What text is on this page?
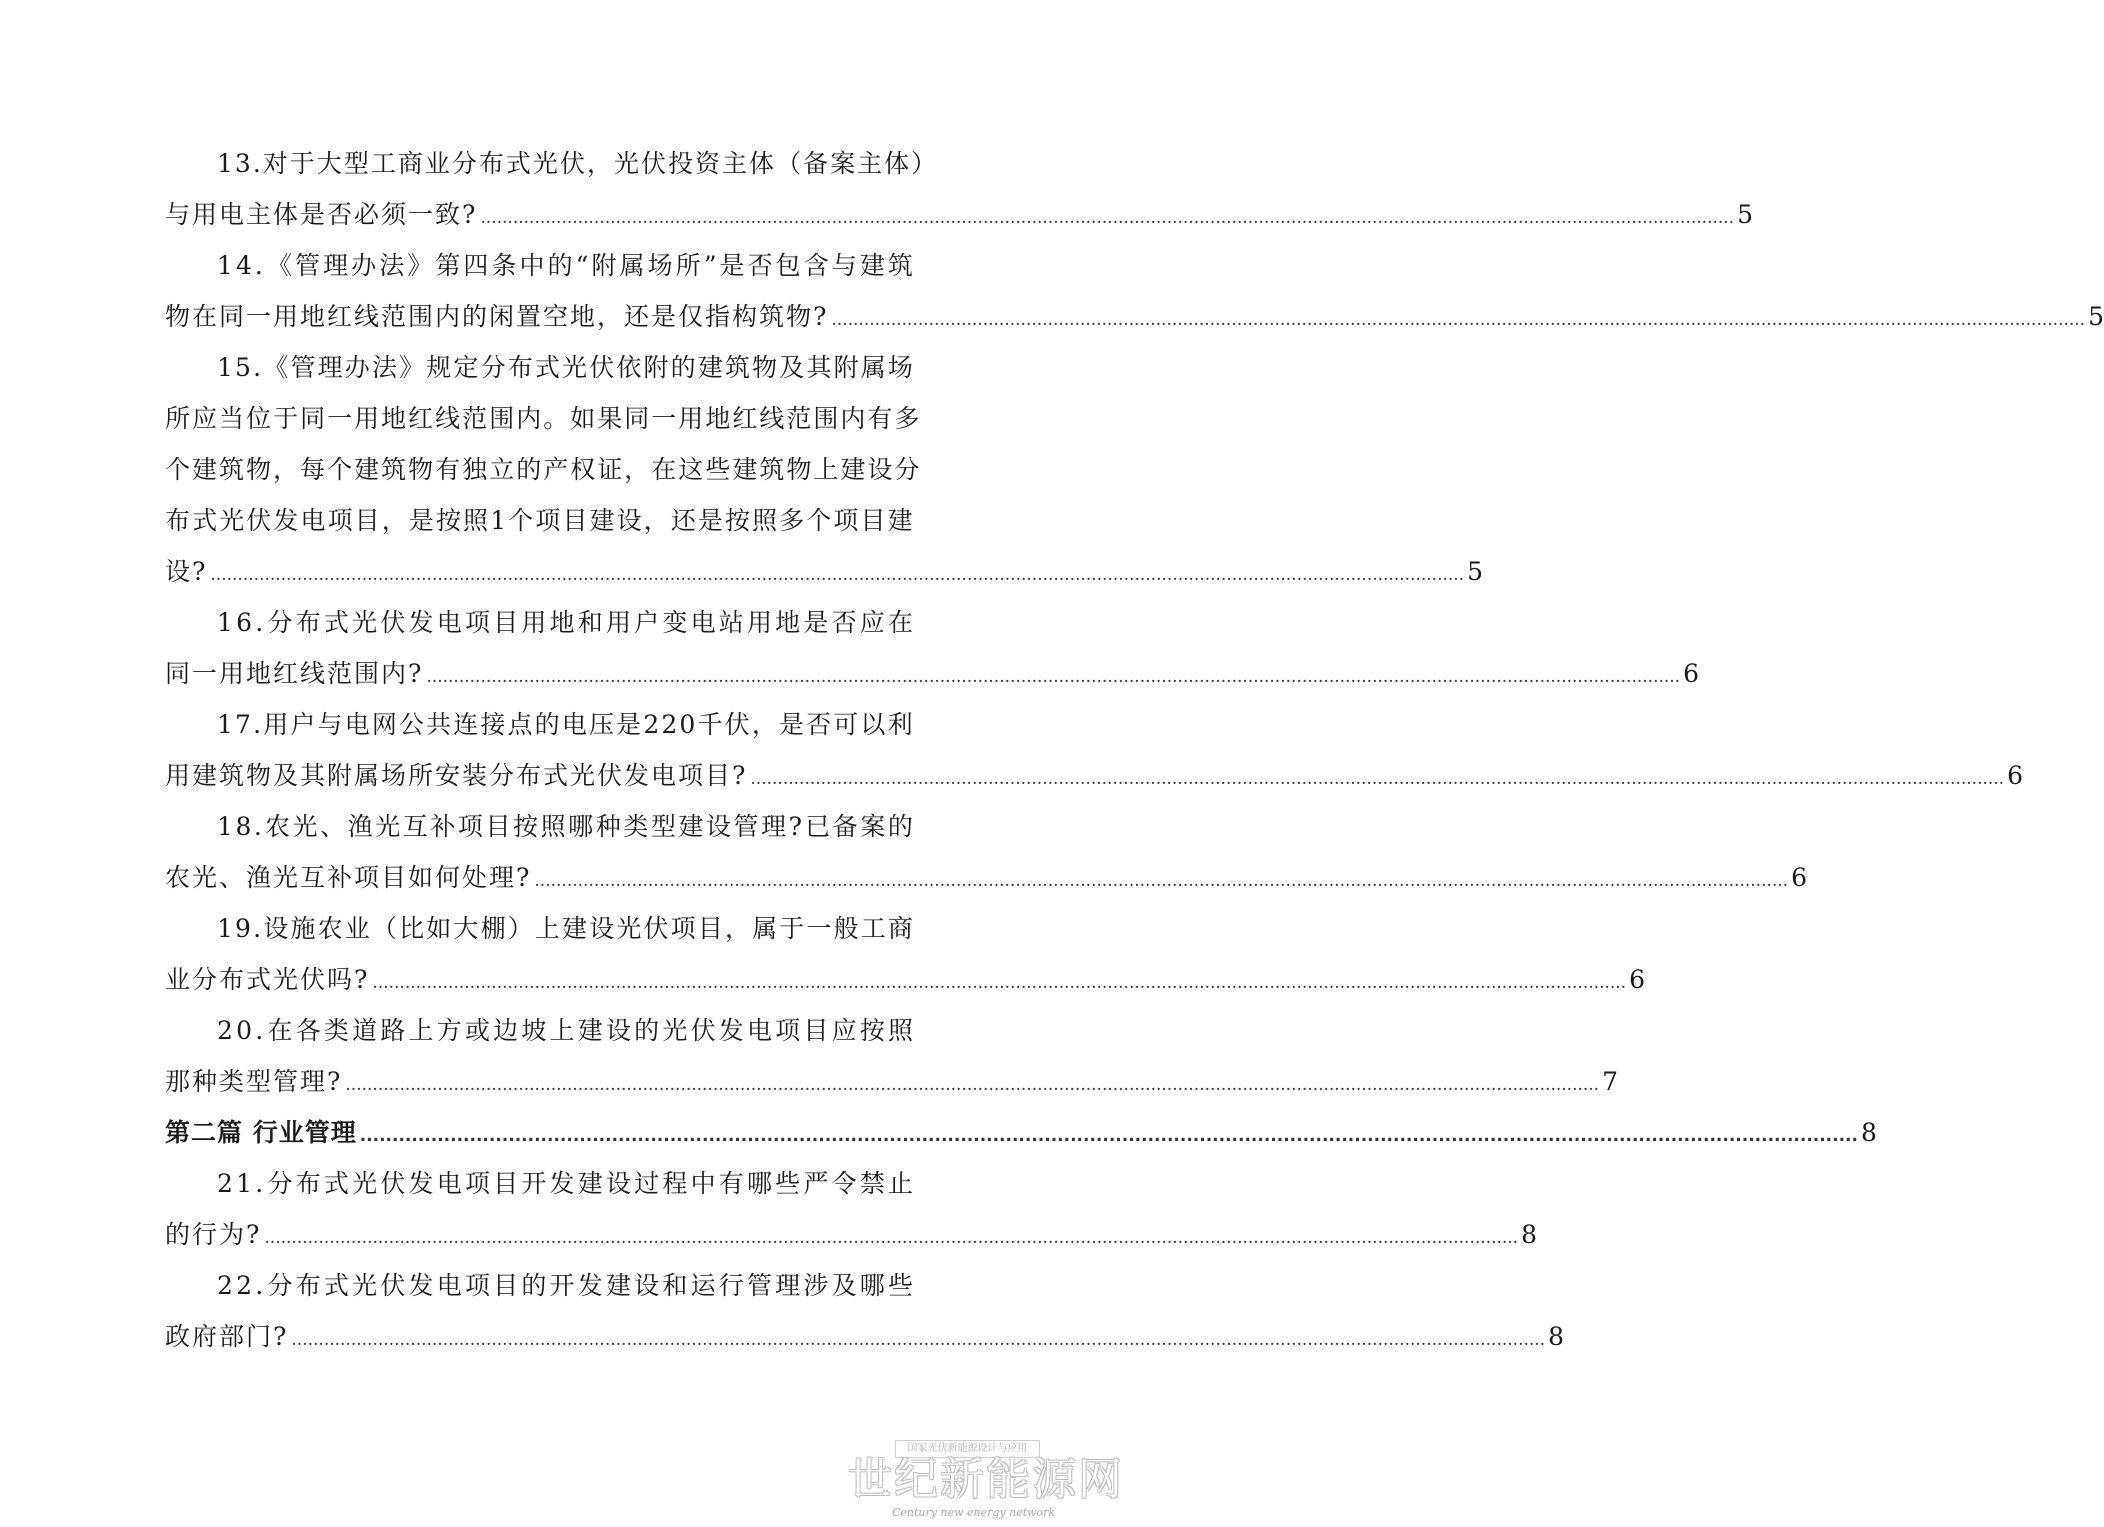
1 3 . 对 于 大 型 工 商 业 分 布 式 光 伏 ， 光 伏 投 资 主 体 （ 备 案 主 体 ）
与用电主体是否必须一致? .....	5
1 4 . 《 管 理 办 法 》 第 四 条 中 的 “ 附 属 场 所 ” 是 否 包 含 与 建 筑
物在同一用地红线范围内的闲置空地，还是仅指构筑物? .....	5
1 5 . 《 管 理 办 法 》 规 定 分 布 式 光 伏 依 附 的 建 筑 物 及 其 附 属 场
所 应 当 位 于 同 一 用 地 红 线 范 围 内 。 如 果 同 一 用 地 红 线 范 围 内 有 多
个 建 筑 物 ， 每 个 建 筑 物 有 独 立 的 产 权 证 ， 在 这 些 建 筑 物 上 建 设 分
布 式 光 伏 发 电 项 目 ， 是 按 照 1 个 项 目 建 设 ， 还 是 按 照 多 个 项 目 建
设? .....	5
1 6 . 分 布 式 光 伏 发 电 项 目 用 地 和 用 户 变 电 站 用 地 是 否 应 在
同一用地红线范围内? .....	6
1 7 . 用 户 与 电 网 公 共 连 接 点 的 电 压 是 2 2 0 千 伏 ， 是 否 可 以 利
用建筑物及其附属场所安装分布式光伏发电项目? .....	6
1 8 . 农 光 、 渔 光 互 补 项 目 按 照 哪 种 类 型 建 设 管 理 ? 已 备 案 的
农光、渔光互补项目如何处理? .....	6
1 9 . 设 施 农 业 （ 比 如 大 棚 ） 上 建 设 光 伏 项 目 ， 属 于 一 般 工 商
业分布式光伏吗? .....	6
2 0 . 在 各 类 道 路 上 方 或 边 坡 上 建 设 的 光 伏 发 电 项 目 应 按 照
那种类型管理? .....	7
第二篇 行业管理 .....	8
2 1 . 分 布 式 光 伏 发 电 项 目 开 发 建 设 过 程 中 有 哪 些 严 令 禁 止
的行为? .....	8
2 2 . 分 布 式 光 伏 发 电 项 目 的 开 发 建 设 和 运 行 管 理 涉 及 哪 些
政府部门? .....	8
国家光伏新能源设计与应用
世纪新能源网
Century new energy network
